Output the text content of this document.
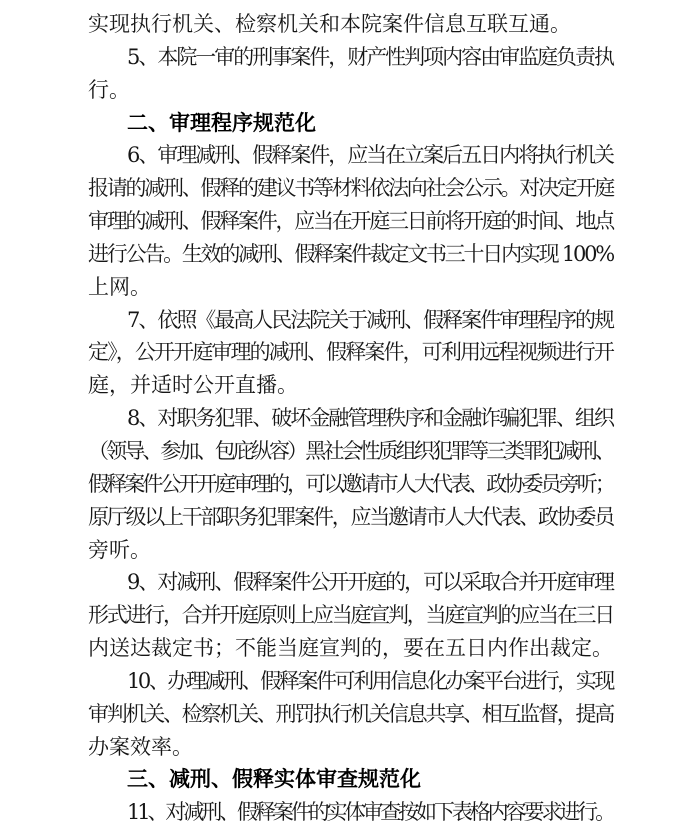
实现执行机关、检察机关和本院案件信息互联互通。
5、本院一审的刑事案件，财产性判项内容由审监庭负责执
行。
二、审理程序规范化
6、审理减刑、假释案件，应当在立案后五日内将执行机关
报请的减刑、假释的建议书等材料依法向社会公示。对决定开庭
审理的减刑、假释案件，应当在开庭三日前将开庭的时间、地点
进行公告。生效的减刑、假释案件裁定文书三十日内实现 100%
上网。
7、依照《最高人民法院关于减刑、假释案件审理程序的规
定》，公开开庭审理的减刑、假释案件，可利用远程视频进行开
庭，并适时公开直播。
8、对职务犯罪、破坏金融管理秩序和金融诈骗犯罪、组织
（领导、参加、包庇纵容）黑社会性质组织犯罪等三类罪犯减刑、
假释案件公开开庭审理的，可以邀请市人大代表、政协委员旁听；
原厅级以上干部职务犯罪案件，应当邀请市人大代表、政协委员
旁听。
9、对减刑、假释案件公开开庭的，可以采取合并开庭审理
形式进行，合并开庭原则上应当庭宣判，当庭宣判的应当在三日
内送达裁定书；不能当庭宣判的，要在五日内作出裁定。
10、办理减刑、假释案件可利用信息化办案平台进行，实现
审判机关、检察机关、刑罚执行机关信息共享、相互监督，提高
办案效率。
三、减刑、假释实体审查规范化
11、对减刑、假释案件的实体审查按如下表格内容要求进行。
